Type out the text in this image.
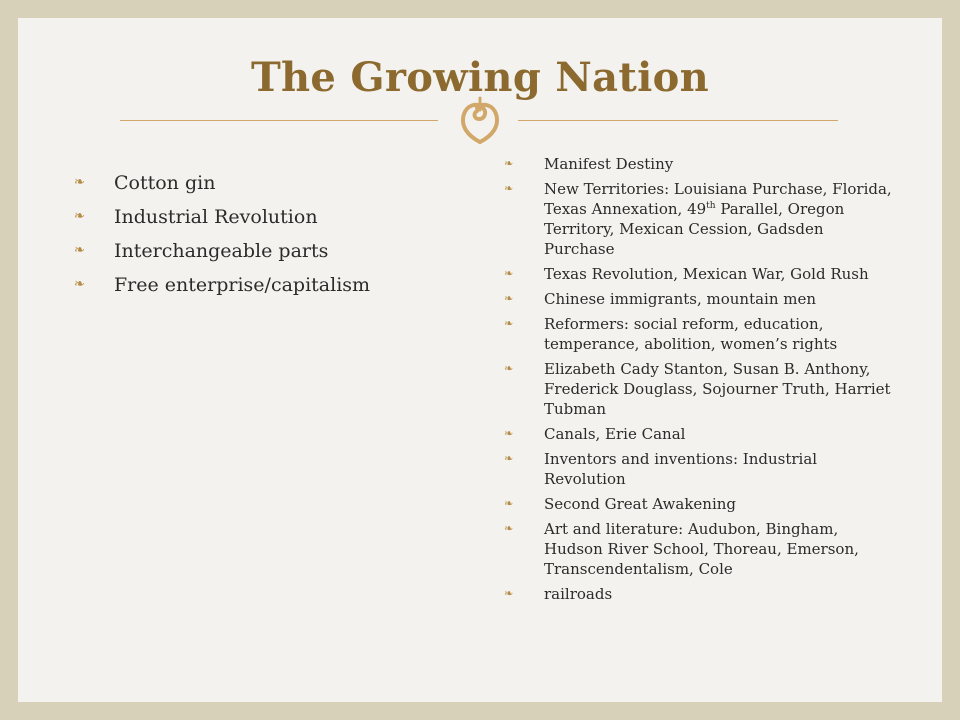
The Growing Nation
❧	Cotton gin
❧	Industrial Revolution
❧	Interchangeable parts
❧	Free enterprise/capitalism
❧	Manifest Destiny
❧	New Territories: Louisiana Purchase, Florida, Texas Annexation, 49th Parallel, Oregon Territory, Mexican Cession, Gadsden Purchase
❧	Texas Revolution, Mexican War, Gold Rush
❧	Chinese immigrants, mountain men
❧	Reformers: social reform, education, temperance, abolition, women’s rights
❧	Elizabeth Cady Stanton, Susan B. Anthony, Frederick Douglass, Sojourner Truth, Harriet Tubman
❧	Canals, Erie Canal
❧	Inventors and inventions: Industrial Revolution
❧	Second Great Awakening
❧	Art and literature: Audubon, Bingham, Hudson River School, Thoreau, Emerson, Transcendentalism, Cole
❧	railroads
